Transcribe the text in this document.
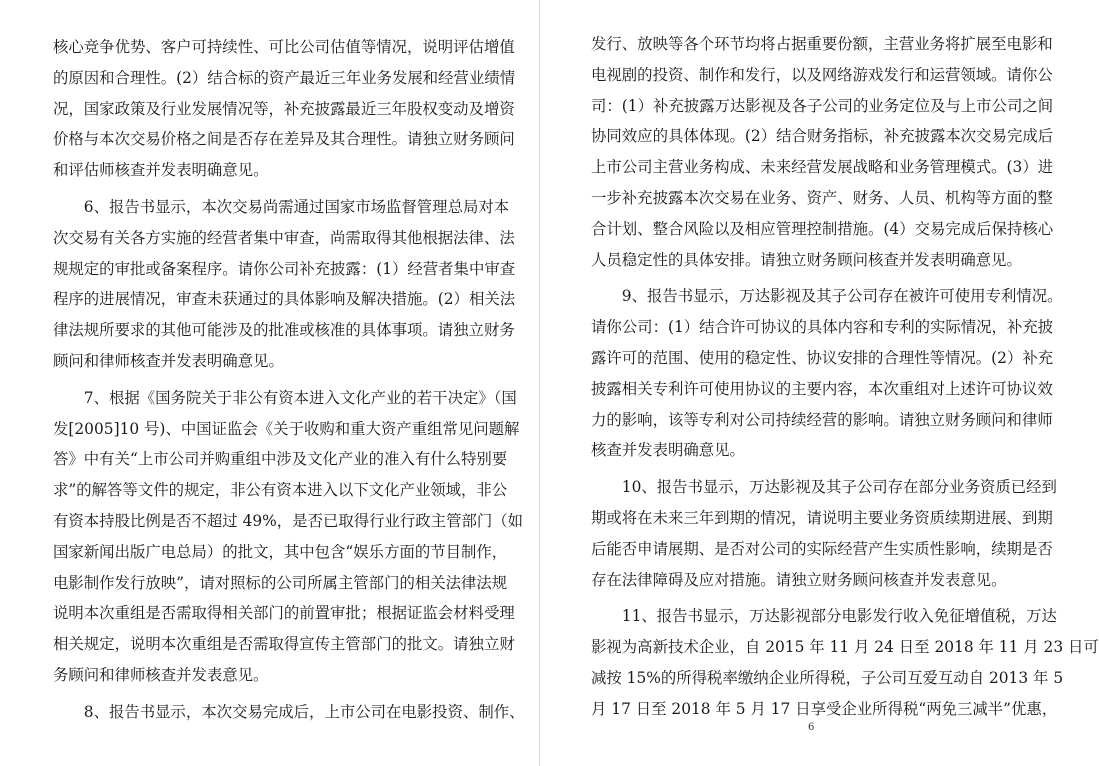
核心竞争优势、客户可持续性、可比公司估值等情况，说明评估增值
的原因和合理性。(2）结合标的资产最近三年业务发展和经营业绩情
况，国家政策及行业发展情况等，补充披露最近三年股权变动及增资
价格与本次交易价格之间是否存在差异及其合理性。请独立财务顾问
和评估师核查并发表明确意见。
6、报告书显示，本次交易尚需通过国家市场监督管理总局对本
次交易有关各方实施的经营者集中审查，尚需取得其他根据法律、法
规规定的审批或备案程序。请你公司补充披露：(1）经营者集中审查
程序的进展情况，审查未获通过的具体影响及解决措施。(2）相关法
律法规所要求的其他可能涉及的批准或核准的具体事项。请独立财务
顾问和律师核查并发表明确意见。
7、根据《国务院关于非公有资本进入文化产业的若干决定》（国
发[2005]10 号)、中国证监会《关于收购和重大资产重组常见问题解
答》中有关“上市公司并购重组中涉及文化产业的准入有什么特别要
求”的解答等文件的规定，非公有资本进入以下文化产业领域，非公
有资本持股比例是否不超过 49%，是否已取得行业行政主管部门（如
国家新闻出版广电总局）的批文，其中包含“娱乐方面的节目制作，
电影制作发行放映”，请对照标的公司所属主管部门的相关法律法规
说明本次重组是否需取得相关部门的前置审批；根据证监会材料受理
相关规定，说明本次重组是否需取得宣传主管部门的批文。请独立财
务顾问和律师核查并发表意见。
8、报告书显示，本次交易完成后，上市公司在电影投资、制作、
发行、放映等各个环节均将占据重要份额，主营业务将扩展至电影和
电视剧的投资、制作和发行，以及网络游戏发行和运营领域。请你公
司：(1）补充披露万达影视及各子公司的业务定位及与上市公司之间
协同效应的具体体现。(2）结合财务指标，补充披露本次交易完成后
上市公司主营业务构成、未来经营发展战略和业务管理模式。(3）进
一步补充披露本次交易在业务、资产、财务、人员、机构等方面的整
合计划、整合风险以及相应管理控制措施。(4）交易完成后保持核心
人员稳定性的具体安排。请独立财务顾问核查并发表明确意见。
9、报告书显示，万达影视及其子公司存在被许可使用专利情况。
请你公司：(1）结合许可协议的具体内容和专利的实际情况，补充披
露许可的范围、使用的稳定性、协议安排的合理性等情况。(2）补充
披露相关专利许可使用协议的主要内容，本次重组对上述许可协议效
力的影响，该等专利对公司持续经营的影响。请独立财务顾问和律师
核查并发表明确意见。
10、报告书显示，万达影视及其子公司存在部分业务资质已经到
期或将在未来三年到期的情况，请说明主要业务资质续期进展、到期
后能否申请展期、是否对公司的实际经营产生实质性影响，续期是否
存在法律障碍及应对措施。请独立财务顾问核查并发表意见。
11、报告书显示，万达影视部分电影发行收入免征增值税，万达
影视为高新技术企业，自 2015 年 11 月 24 日至 2018 年 11 月 23 日可
减按 15%的所得税率缴纳企业所得税，子公司互爱互动自 2013 年 5
月 17 日至 2018 年 5 月 17 日享受企业所得税“两免三减半”优惠，
6
